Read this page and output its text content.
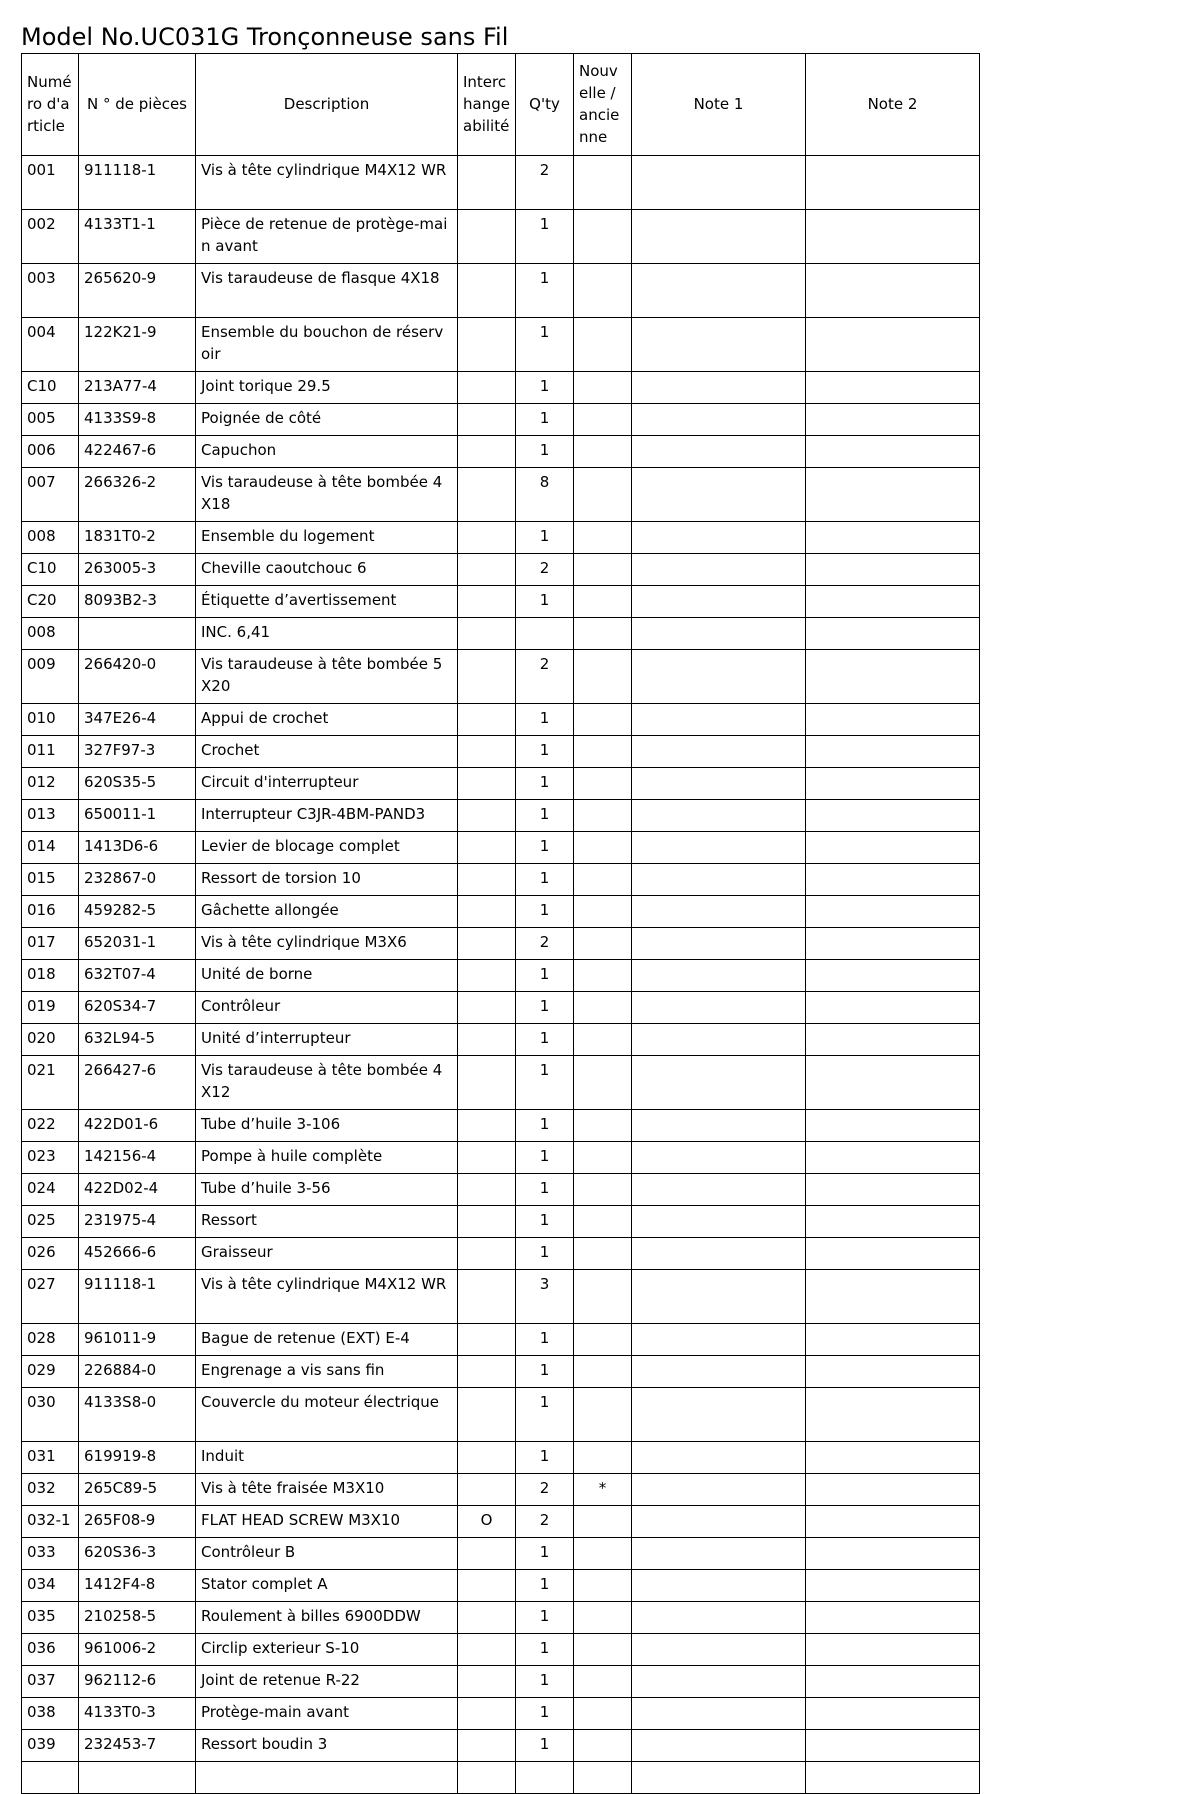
Model No.UC031G Tronçonneuse sans Fil
Numéro d'article	N ° de pièces	Description	Interchangeabilité	Q'ty	Nouvelle / ancienne	Note 1	Note 2
001	911118-1	Vis à tête cylindrique M4X12 WR		2			
002	4133T1-1	Pièce de retenue de protège-main avant		1			
003	265620-9	Vis taraudeuse de flasque 4X18		1			
004	122K21-9	Ensemble du bouchon de réservoir		1			
C10	213A77-4	Joint torique 29.5		1			
005	4133S9-8	Poignée de côté		1			
006	422467-6	Capuchon		1			
007	266326-2	Vis taraudeuse à tête bombée 4X18		8			
008	1831T0-2	Ensemble du logement		1			
C10	263005-3	Cheville caoutchouc 6		2			
C20	8093B2-3	Étiquette d’avertissement		1			
008		INC. 6,41					
009	266420-0	Vis taraudeuse à tête bombée 5X20		2			
010	347E26-4	Appui de crochet		1			
011	327F97-3	Crochet		1			
012	620S35-5	Circuit d'interrupteur		1			
013	650011-1	Interrupteur C3JR-4BM-PAND3		1			
014	1413D6-6	Levier de blocage complet		1			
015	232867-0	Ressort de torsion 10		1			
016	459282-5	Gâchette allongée		1			
017	652031-1	Vis à tête cylindrique M3X6		2			
018	632T07-4	Unité de borne		1			
019	620S34-7	Contrôleur		1			
020	632L94-5	Unité d’interrupteur		1			
021	266427-6	Vis taraudeuse à tête bombée 4X12		1			
022	422D01-6	Tube d’huile 3-106		1			
023	142156-4	Pompe à huile complète		1			
024	422D02-4	Tube d’huile 3-56		1			
025	231975-4	Ressort		1			
026	452666-6	Graisseur		1			
027	911118-1	Vis à tête cylindrique M4X12 WR		3			
028	961011-9	Bague de retenue (EXT) E-4		1			
029	226884-0	Engrenage a vis sans fin		1			
030	4133S8-0	Couvercle du moteur électrique		1			
031	619919-8	Induit		1			
032	265C89-5	Vis à tête fraisée M3X10		2	*		
032-1	265F08-9	FLAT HEAD SCREW M3X10	O	2			
033	620S36-3	Contrôleur B		1			
034	1412F4-8	Stator complet A		1			
035	210258-5	Roulement à billes 6900DDW		1			
036	961006-2	Circlip exterieur S-10		1			
037	962112-6	Joint de retenue R-22		1			
038	4133T0-3	Protège-main avant		1			
039	232453-7	Ressort boudin 3		1			
